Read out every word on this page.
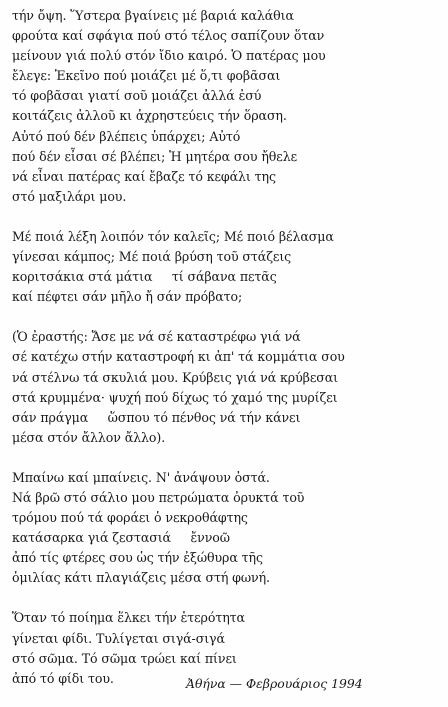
τήν ὄψη. Ὕστερα βγαίνεις μέ βαριά καλάθια
φρούτα καί σφάγια πού στό τέλος σαπίζουν ὅταν
μείνουν γιά πολύ στόν ἴδιο καιρό. Ὁ πατέρας μου
ἔλεγε: Ἐκεῖνο πού μοιάζει μέ ὅ,τι φοβᾶσαι
τό φοβᾶσαι γιατί σοῦ μοιάζει ἀλλά ἐσύ
κοιτάζεις ἀλλοῦ κι ἀχρηστεύεις τήν ὅραση.
Αὐτό πού δέν βλέπεις ὑπάρχει; Αὐτό
πού δέν εἶσαι σέ βλέπει; Ἡ μητέρα σου ἤθελε
νά εἶναι πατέρας καί ἔβαζε τό κεφάλι της
στό μαξιλάρι μου.
Μέ ποιά λέξη λοιπόν τόν καλεῖς; Μέ ποιό βέλασμα
γίνεσαι κάμπος; Μέ ποιά βρύση τοῦ στάζεις
κοριτσάκια στά μάτια     τί σάβανα πετᾶς
καί πέφτει σάν μῆλο ἤ σάν πρόβατο;
(Ὁ ἐραστής: Ἄσε με νά σέ καταστρέφω γιά νά
σέ κατέχω στήν καταστροφή κι ἀπ' τά κομμάτια σου
νά στέλνω τά σκυλιά μου. Κρύβεις γιά νά κρύβεσαι
στά κρυμμένα· ψυχή πού δίχως τό χαμό της μυρίζει
σάν πράγμα     ὥσπου τό πένθος νά τήν κάνει
μέσα στόν ἄλλον ἄλλο).
Μπαίνω καί μπαίνεις. Ν' ἀνάψουν ὀστά.
Νά βρῶ στό σάλιο μου πετρώματα ὀρυκτά τοῦ
τρόμου πού τά φοράει ὁ νεκροθάφτης
κατάσαρκα γιά ζεστασιά     ἔννοῶ
ἀπό τίς φτέρες σου ὡς τήν ἐξώθυρα τῆς
ὁμιλίας κάτι πλαγιάζεις μέσα στή φωνή.
Ὅταν τό ποίημα ἕλκει τήν ἑτερότητα
γίνεται φίδι. Τυλίγεται σιγά-σιγά
στό σῶμα. Τό σῶμα τρώει καί πίνει
ἀπό τό φίδι του.	Ἀθήνα — Φεβρουάριος 1994
